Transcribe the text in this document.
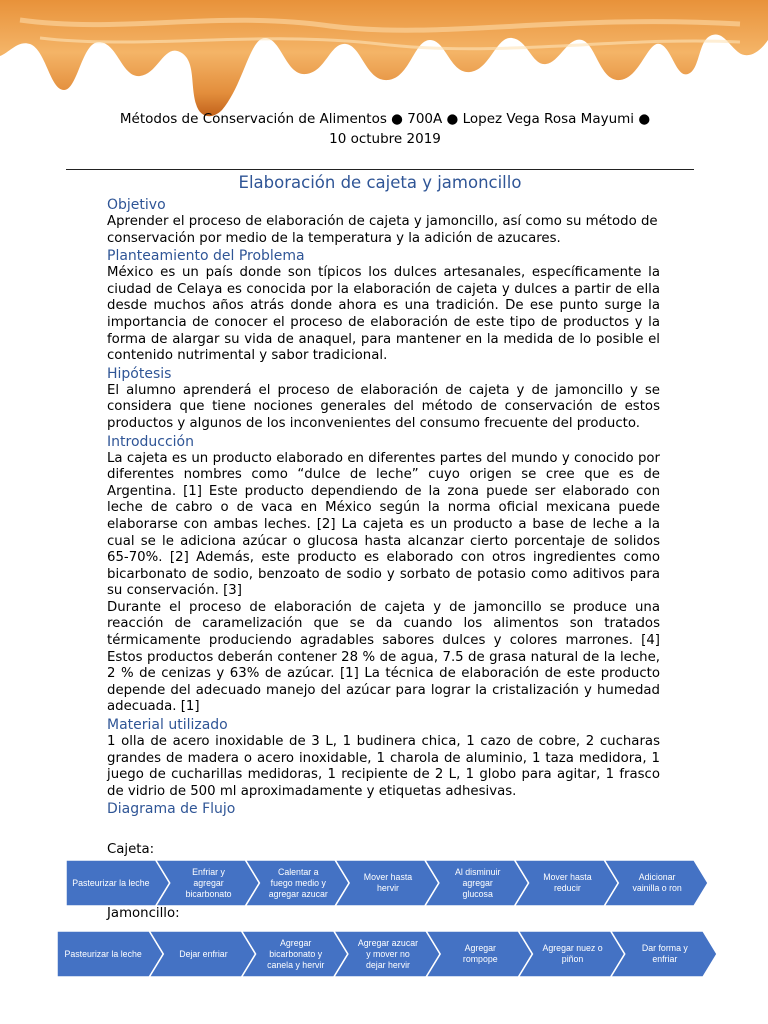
Métodos de Conservación de Alimentos ● 700A ● Lopez Vega Rosa Mayumi ●
10 octubre 2019
Elaboración de cajeta y jamoncillo
Objetivo

Aprender el proceso de elaboración de cajeta y jamoncillo, así como su método de conservación por medio de la temperatura y la adición de azucares.

Planteamiento del Problema

México es un país donde son típicos los dulces artesanales, específicamente la ciudad de Celaya es conocida por la elaboración de cajeta y dulces a partir de ella desde muchos años atrás donde ahora es una tradición. De ese punto surge la importancia de conocer el proceso de elaboración de este tipo de productos y la forma de alargar su vida de anaquel, para mantener en la medida de lo posible el contenido nutrimental y sabor tradicional.

Hipótesis

El alumno aprenderá el proceso de elaboración de cajeta y de jamoncillo y se considera que tiene nociones generales del método de conservación de estos productos y algunos de los inconvenientes del consumo frecuente del producto.

Introducción

La cajeta es un producto elaborado en diferentes partes del mundo y conocido por diferentes nombres como “dulce de leche” cuyo origen se cree que es de Argentina. [1] Este producto dependiendo de la zona puede ser elaborado con leche de cabro o de vaca en México según la norma oficial mexicana puede elaborarse con ambas leches. [2] La cajeta es un producto a base de leche a la cual se le adiciona azúcar o glucosa hasta alcanzar cierto porcentaje de solidos 65-70%. [2] Además, este producto es elaborado con otros ingredientes como bicarbonato de sodio, benzoato de sodio y sorbato de potasio como aditivos para su conservación. [3]

Durante el proceso de elaboración de cajeta y de jamoncillo se produce una reacción de caramelización que se da cuando los alimentos son tratados térmicamente produciendo agradables sabores dulces y colores marrones. [4] Estos productos deberán contener 28 % de agua, 7.5 de grasa natural de la leche, 2 % de cenizas y 63% de azúcar. [1] La técnica de elaboración de este producto depende del adecuado manejo del azúcar para lograr la cristalización y humedad adecuada. [1]

Material utilizado

1 olla de acero inoxidable de 3 L, 1 budinera chica, 1 cazo de cobre, 2 cucharas grandes de madera o acero inoxidable, 1 charola de aluminio, 1 taza medidora, 1 juego de cucharillas medidoras, 1 recipiente de 2 L, 1 globo para agitar, 1 frasco de vidrio de 500 ml aproximadamente y etiquetas adhesivas.

Diagrama de Flujo
Cajeta:
Pasteurizar la leche
Enfriar y
agregar
bicarbonato
Calentar a
fuego medio y
agregar azucar
Mover hasta
hervir
Al disminuir
agregar
glucosa
Mover hasta
reducir
Adicionar
vainilla o ron
Jamoncillo:
Pasteurizar la leche	Dejar enfriar
Agregar
bicarbonato y
canela y hervir
Agregar azucar
y mover no
dejar hervir
Agregar
rompope
Agregar nuez o
piñon
Dar forma y
enfriar
